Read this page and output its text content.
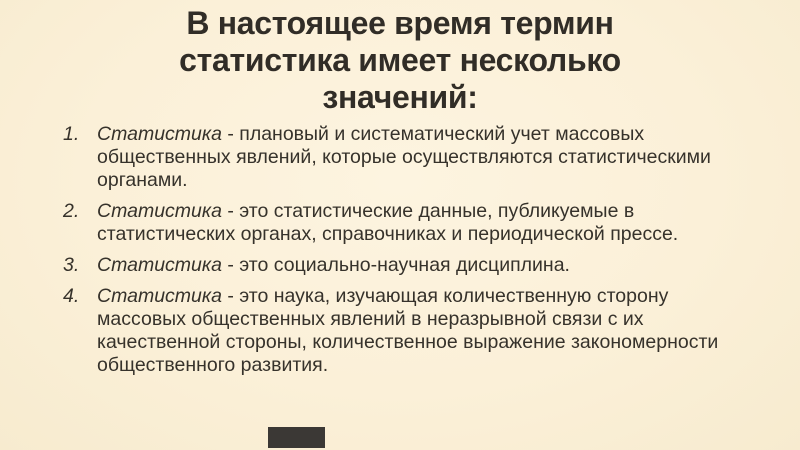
В настоящее время термин
статистика имеет несколько
значений:
1. Статистика - плановый и систематический учет массовых общественных явлений, которые осуществляются статистическими органами.
2. Статистика - это статистические данные, публикуемые в статистических органах, справочниках и периодической прессе.
3. Статистика - это социально-научная дисциплина.
4. Статистика - это наука, изучающая количественную сторону массовых общественных явлений в неразрывной связи с их качественной стороны, количественное выражение закономерности общественного развития.
